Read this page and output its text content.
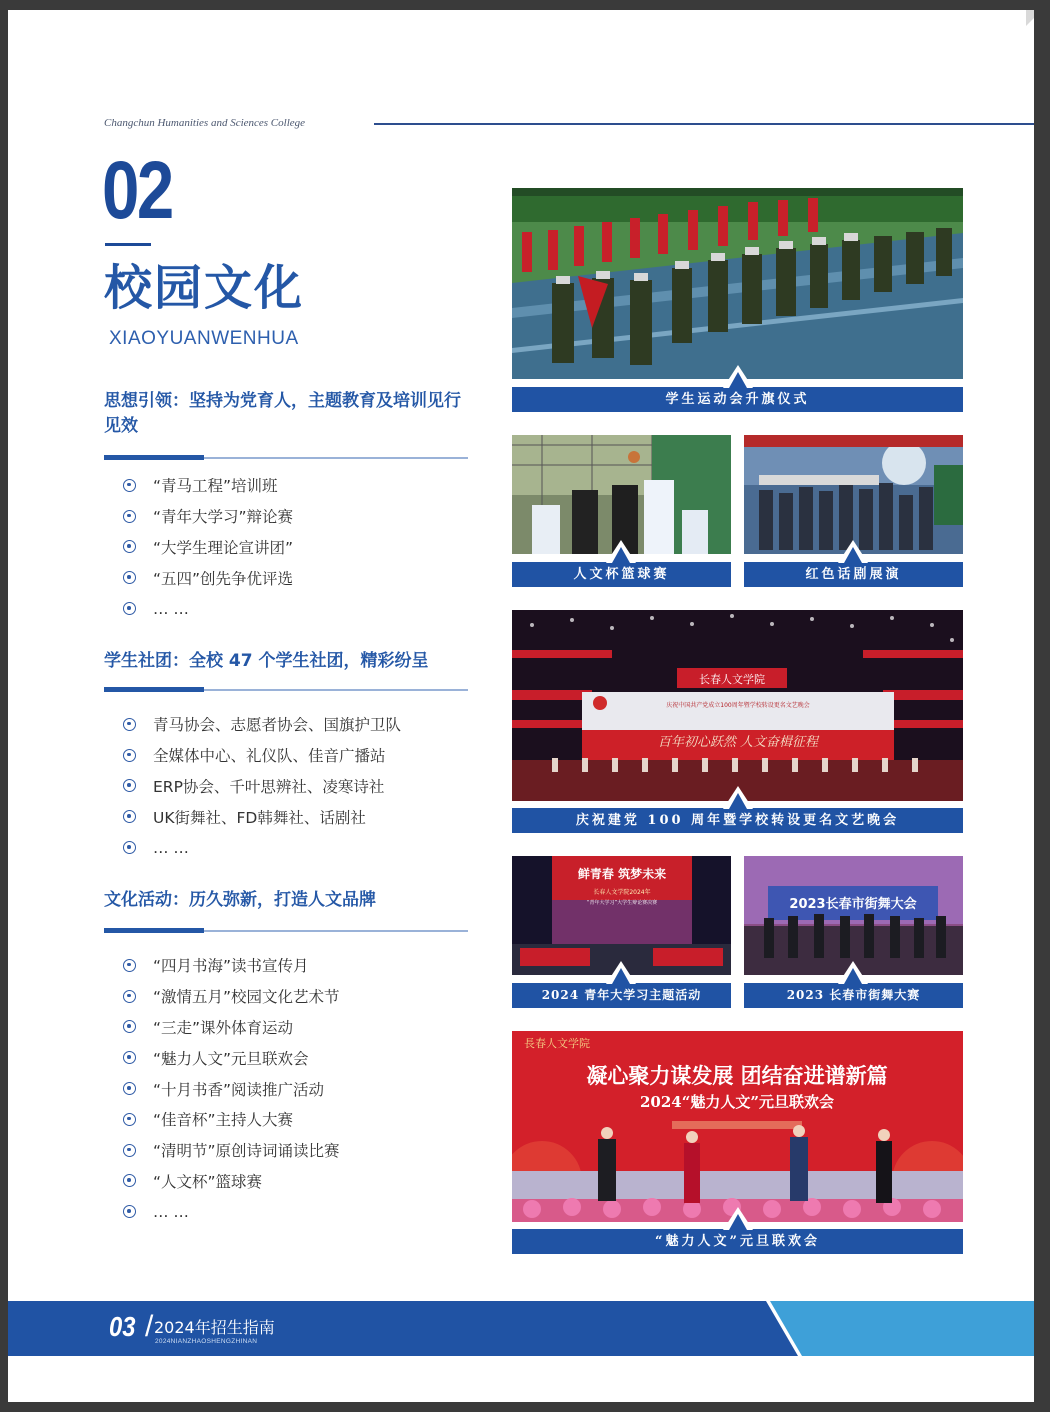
Changchun Humanities and Sciences College
02
校园文化
XIAOYUANWENHUA
思想引领：坚持为党育人，主题教育及培训见行见效
“青马工程”培训班
“青年大学习”辩论赛
“大学生理论宣讲团”
“五四”创先争优评选
… …
学生社团：全校 47 个学生社团，精彩纷呈
青马协会、志愿者协会、国旗护卫队
全媒体中心、礼仪队、佳音广播站
ERP协会、千叶思辨社、凌寒诗社
UK街舞社、FD韩舞社、话剧社
… …
文化活动：历久弥新，打造人文品牌
“四月书海”读书宣传月
“激情五月”校园文化艺术节
“三走”课外体育运动
“魅力人文”元旦联欢会
“十月书香”阅读推广活动
“佳音杯”主持人大赛
“清明节”原创诗词诵读比赛
“人文杯”篮球赛
… …
学生运动会升旗仪式
人文杯篮球赛	红色话剧展演
长春人文学院
庆祝中国共产党成立100周年暨学校转设更名文艺晚会
百年初心跃然 人文奋楫征程
庆祝建党 100 周年暨学校转设更名文艺晚会
鲜青春 筑梦未来
长春人文学院2024年
“青年大学习”大学生辩论赛决赛
2024 青年大学习主题活动
2023长春市街舞大会
2023 长春市街舞大赛
長春人文学院
凝心聚力谋发展 团结奋进谱新篇
2024“魅力人文”元旦联欢会
“魅力人文”元旦联欢会
03 / 2024年招生指南
2024NIANZHAOSHENGZHINAN
